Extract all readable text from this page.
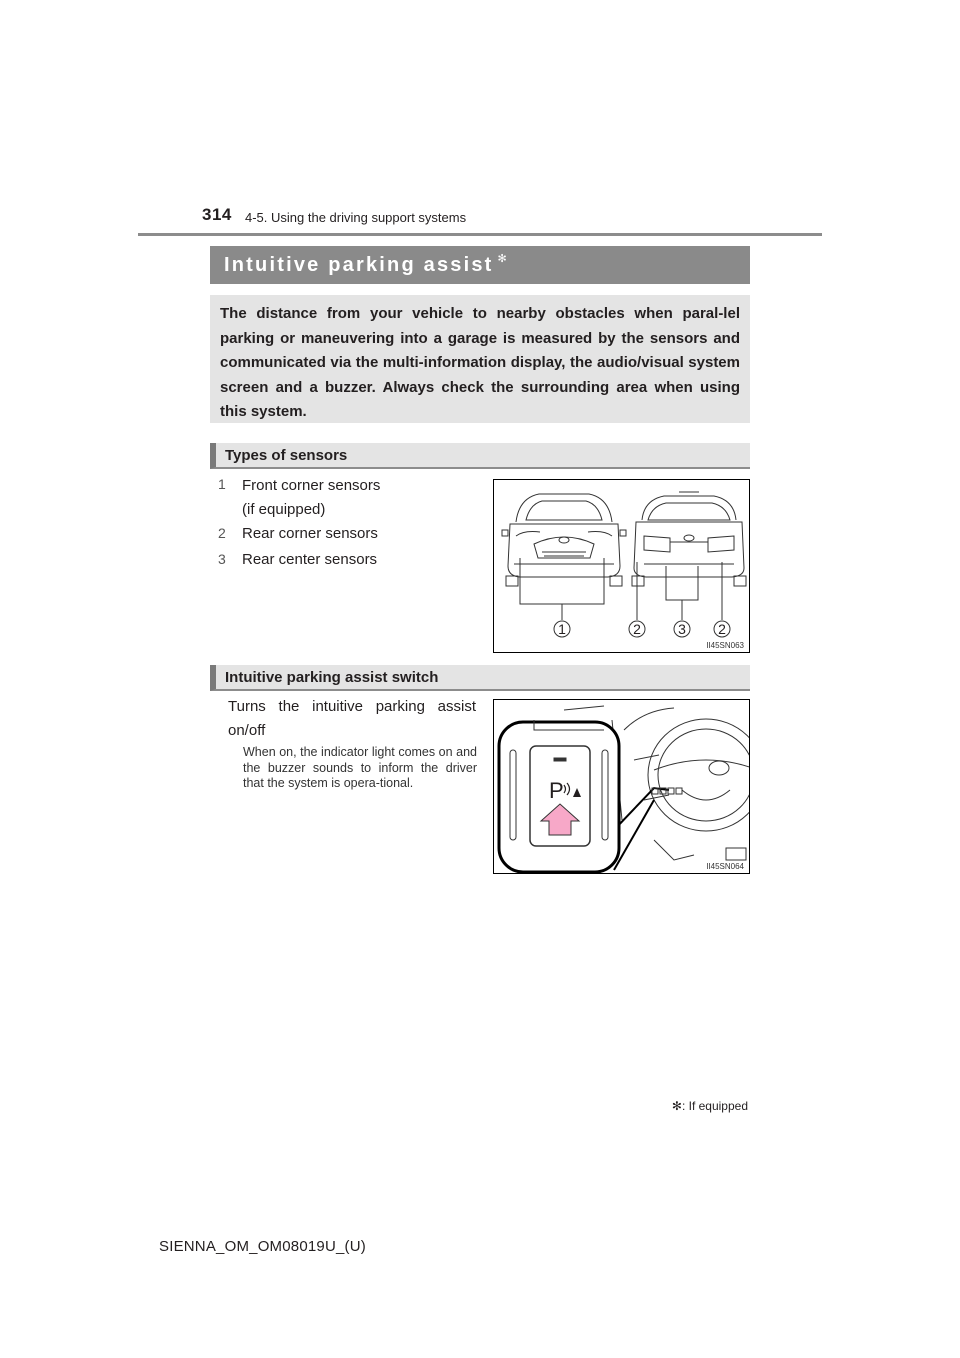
314 4-5. Using the driving support systems
Intuitive parking assist ✻
The distance from your vehicle to nearby obstacles when paral-lel parking or maneuvering into a garage is measured by the sensors and communicated via the multi-information display, the audio/visual system screen and a buzzer. Always check the surrounding area when using this system.
Types of sensors
1 Front corner sensors
(if equipped)
2 Rear corner sensors
3 Rear center sensors
1	2	3 2
II45SN063
Intuitive parking assist switch
Turns the intuitive parking assist on/off
When on, the indicator light comes on and the buzzer sounds to inform the driver that the system is opera-tional.	P
II45SN064
✻: If equipped
SIENNA_OM_OM08019U_(U)
